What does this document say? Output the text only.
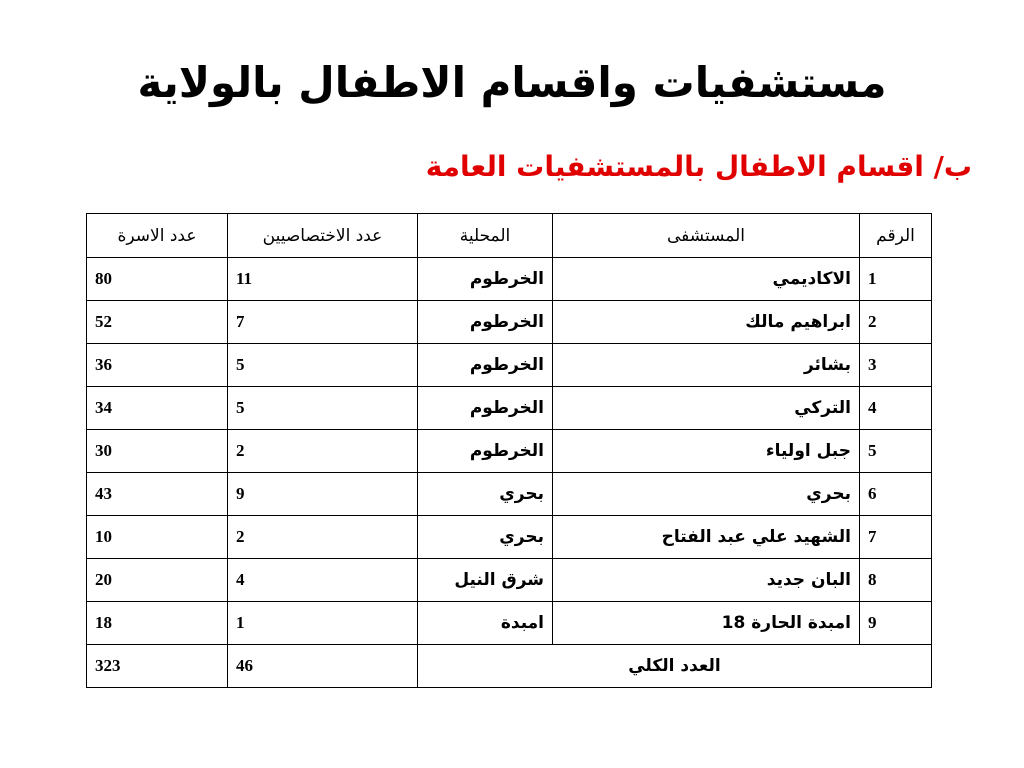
مستشفيات واقسام الاطفال بالولاية
ب/ اقسام الاطفال بالمستشفيات العامة
الرقم	المستشفى	المحلية	عدد الاختصاصيين	عدد الاسرة
1	الاكاديمي	الخرطوم	11	80
2	ابراهيم مالك	الخرطوم	7	52
3	بشائر	الخرطوم	5	36
4	التركي	الخرطوم	5	34
5	جبل اولياء	الخرطوم	2	30
6	بحري	بحري	9	43
7	الشهيد علي عبد الفتاح	بحري	2	10
8	البان جديد	شرق النيل	4	20
9	امبدة الحارة 18	امبدة	1	18
العدد الكلي			46	323
